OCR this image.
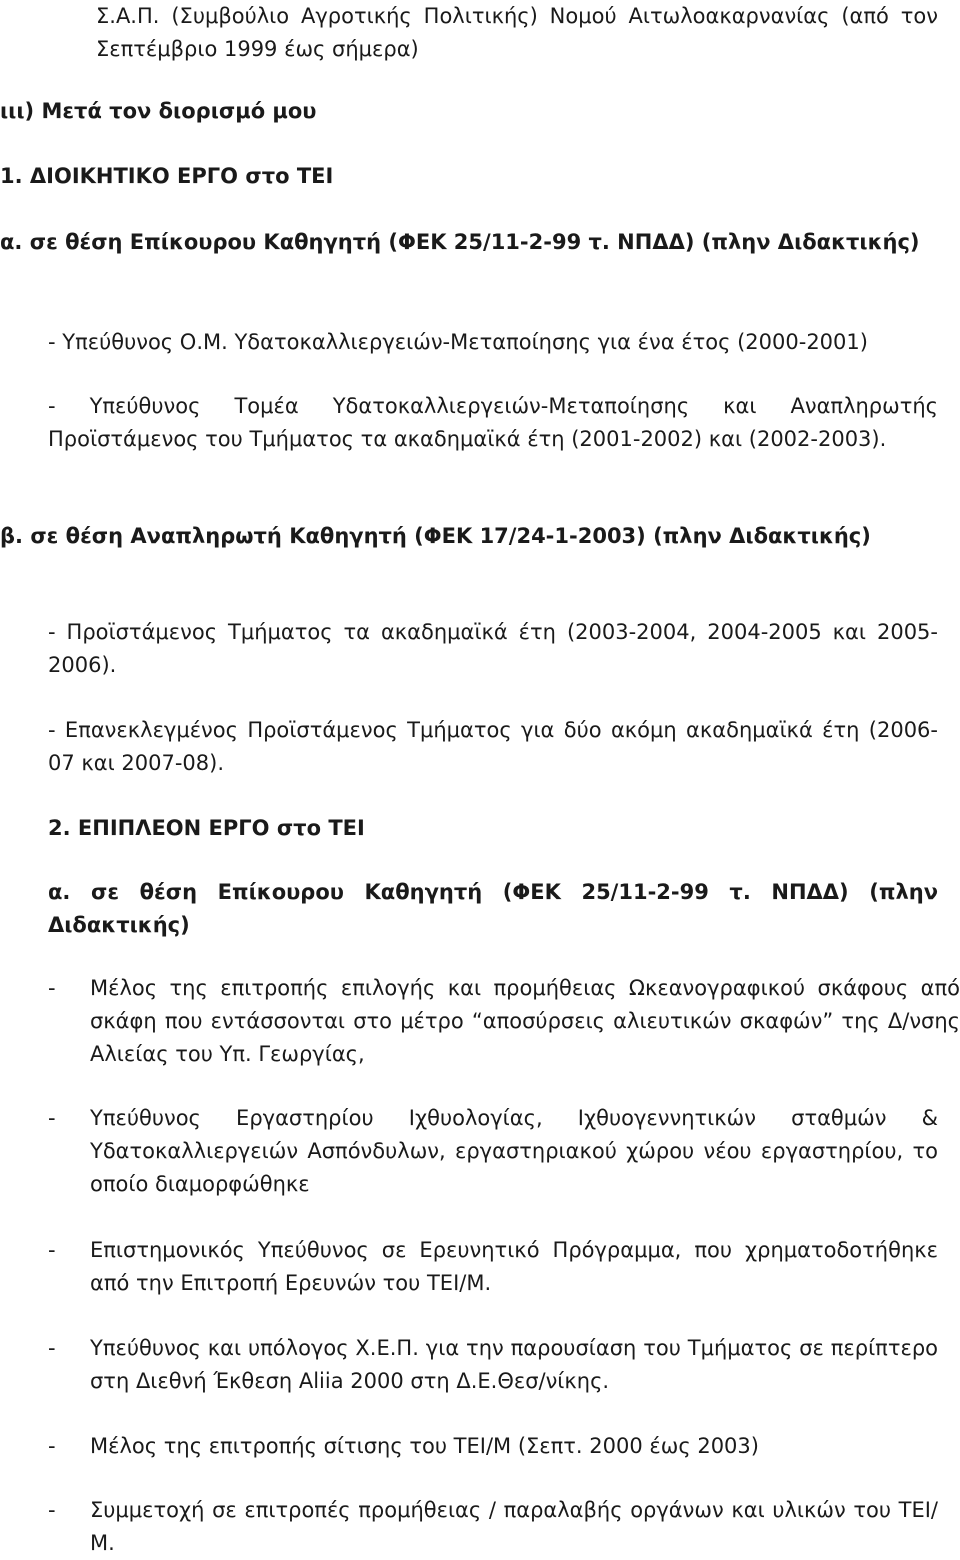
Σ.Α.Π. (Συμβούλιο Αγροτικής Πολιτικής) Νομού Αιτωλοακαρνανίας (από τον Σεπτέμβριο 1999 έως σήμερα)
ιιι) Μετά τον διορισμό μου
1. ΔΙΟΙΚΗΤΙΚΟ ΕΡΓΟ στο ΤΕΙ
α. σε θέση Επίκουρου Καθηγητή (ΦΕΚ 25/11-2-99 τ. ΝΠΔΔ) (πλην Διδακτικής)
- Υπεύθυνος Ο.Μ. Υδατοκαλλιεργειών-Μεταποίησης για ένα έτος (2000-2001)
- Υπεύθυνος Τομέα Υδατοκαλλιεργειών-Μεταποίησης και Αναπληρωτής Προϊστάμενος του Τμήματος τα ακαδημαϊκά έτη (2001-2002) και (2002-2003).
β. σε θέση Αναπληρωτή Καθηγητή (ΦΕΚ 17/24-1-2003) (πλην Διδακτικής)
- Προϊστάμενος Τμήματος τα ακαδημαϊκά έτη (2003-2004, 2004-2005 και 2005-2006).
- Επανεκλεγμένος Προϊστάμενος Τμήματος για δύο ακόμη ακαδημαϊκά έτη (2006-07 και 2007-08).
2. ΕΠΙΠΛΕΟΝ ΕΡΓΟ στο ΤΕΙ
α. σε θέση Επίκουρου Καθηγητή (ΦΕΚ 25/11-2-99 τ. ΝΠΔΔ) (πλην Διδακτικής)
-	Μέλος της επιτροπής επιλογής και προμήθειας Ωκεανογραφικού σκάφους από σκάφη που εντάσσονται στο μέτρο “αποσύρσεις αλιευτικών σκαφών” της Δ/νσης Αλιείας του Υπ. Γεωργίας,
-	Υπεύθυνος Εργαστηρίου Ιχθυολογίας, Ιχθυογεννητικών σταθμών & Υδατοκαλλιεργειών Ασπόνδυλων, εργαστηριακού χώρου νέου εργαστηρίου, το οποίο διαμορφώθηκε
-	Επιστημονικός Υπεύθυνος σε Ερευνητικό Πρόγραμμα, που χρηματοδοτήθηκε από την Επιτροπή Ερευνών του ΤΕΙ/Μ.
-	Υπεύθυνος και υπόλογος Χ.Ε.Π. για την παρουσίαση του Τμήματος σε περίπτερο στη Διεθνή Έκθεση Aliia 2000 στη Δ.Ε.Θεσ/νίκης.
-	Μέλος της επιτροπής σίτισης του ΤΕΙ/Μ (Σεπτ. 2000 έως 2003)
-	Συμμετοχή σε επιτροπές προμήθειας / παραλαβής οργάνων και υλικών του ΤΕΙ/Μ.
